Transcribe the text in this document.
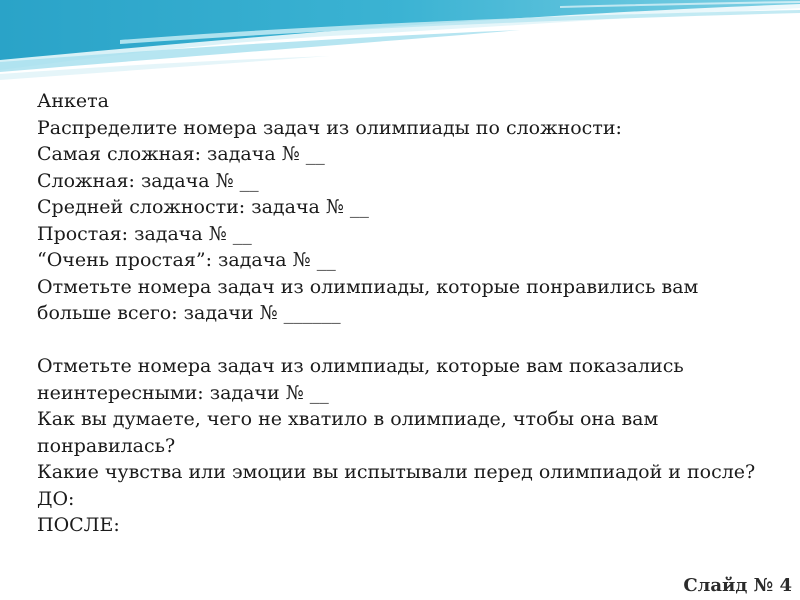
Анкета
Распределите номера задач из олимпиады по сложности:
Самая сложная: задача № __
Сложная: задача № __
Средней сложности: задача № __
Простая: задача № __
“Очень простая”: задача № __
Отметьте номера задач из олимпиады, которые понравились вам
больше всего: задачи № ______
Отметьте номера задач из олимпиады, которые вам показались
неинтересными: задачи № __
Как вы думаете, чего не хватило в олимпиаде, чтобы она вам
понравилась?
Какие чувства или эмоции вы испытывали перед олимпиадой и после?
ДО:
ПОСЛЕ:
Слайд № 4
